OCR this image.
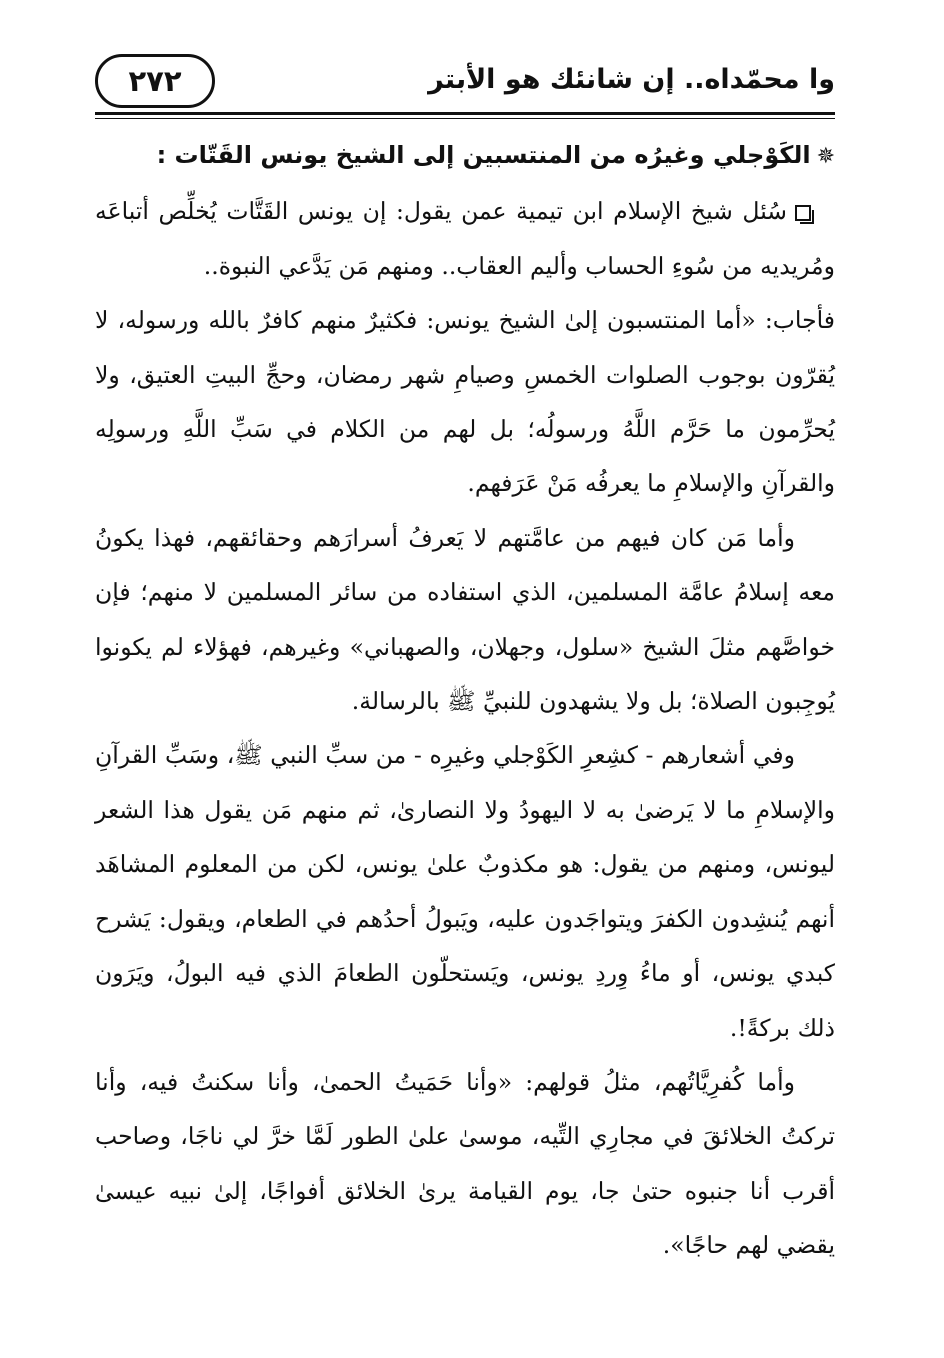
٢٧٢	وا محمّداه.. إن شانئك هو الأبتر

✵الكَوْجلي وغيرُه من المنتسبين إلى الشيخ يونس القَتّات :

سُئل شيخ الإسلام ابن تيمية عمن يقول: إن يونس القَتَّات يُخلِّص أتباعَه ومُريديه من سُوءِ الحساب وأليم العقاب.. ومنهم مَن يَدَّعي النبوة..

فأجاب: «أما المنتسبون إلىٰ الشيخ يونس: فكثيرٌ منهم كافرٌ بالله ورسوله، لا يُقرّون بوجوب الصلوات الخمسِ وصيامِ شهر رمضان، وحجِّ البيتِ العتيق، ولا يُحرِّمون ما حَرَّم اللَّهُ ورسولُه؛ بل لهم من الكلام في سَبِّ اللَّهِ ورسولِه والقرآنِ والإسلامِ ما يعرفُه مَنْ عَرَفهم.

وأما مَن كان فيهم من عامَّتهم لا يَعرفُ أسرارَهم وحقائقهم، فهذا يكونُ معه إسلامُ عامَّة المسلمين، الذي استفاده من سائر المسلمين لا منهم؛ فإن خواصَّهم مثلَ الشيخ «سلول، وجهلان، والصهباني» وغيرهم، فهؤلاء لم يكونوا يُوجِبون الصلاة؛ بل ولا يشهدون للنبيِّ ﷺ بالرسالة.

وفي أشعارهم - كشِعرِ الكَوْجلي وغيرِه - من سبِّ النبي ﷺ، وسَبِّ القرآنِ والإسلامِ ما لا يَرضىٰ به لا اليهودُ ولا النصارىٰ، ثم منهم مَن يقول هذا الشعر ليونس، ومنهم من يقول: هو مكذوبٌ علىٰ يونس، لكن من المعلوم المشاهَد أنهم يُنشِدون الكفرَ ويتواجَدون عليه، ويَبولُ أحدُهم في الطعام، ويقول: يَشرح كبدي يونس، أو ماءُ وِردِ يونس، ويَستحلّون الطعامَ الذي فيه البولُ، ويَرَون ذلك بركةً!.

وأما كُفرِيَّاتُهم، مثلُ قولهم: «وأنا حَمَيتُ الحمىٰ، وأنا سكنتُ فيه، وأنا تركتُ الخلائقَ في مجارِي التِّيه، موسىٰ علىٰ الطور لَمَّا خرَّ لي ناجَا، وصاحب أقرب أنا جنبوه حتىٰ جا، يوم القيامة يرىٰ الخلائق أفواجًا، إلىٰ نبيه عيسىٰ يقضي لهم حاجًا».
